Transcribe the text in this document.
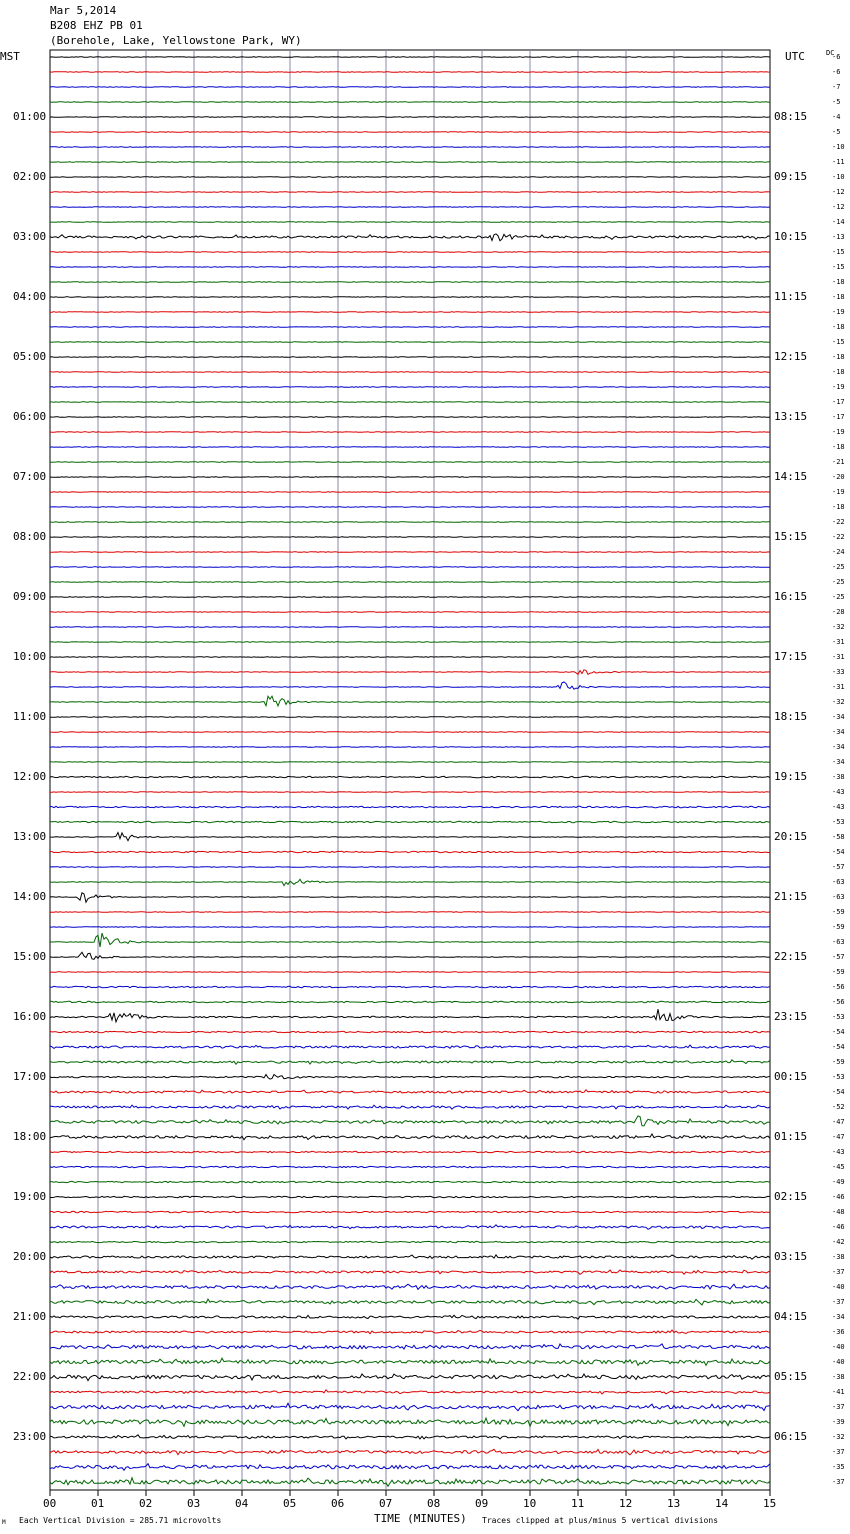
Mar 5,2014
B208 EHZ PB 01
(Borehole, Lake, Yellowstone Park, WY)
MST	UTC	DC
01:00
02:00
03:00
04:00
05:00
06:00
07:00
08:00
09:00
10:00
11:00
12:00
13:00
14:00
15:00
16:00
17:00
18:00
19:00
20:00
21:00
22:00
23:00
08:15
09:15
10:15
11:15
12:15
13:15
14:15
15:15
16:15
17:15
18:15
19:15
20:15
21:15
22:15
23:15
00:15
01:15
02:15
03:15
04:15
05:15
06:15
-6
-6
-7
-5
-4
-5
-10
-11
-10
-12
-12
-14
-13
-15
-15
-18
-18
-19
-18
-15
-18
-18
-19
-17
-17
-19
-18
-21
-20
-19
-18
-22
-22
-24
-25
-25
-25
-28
-32
-31
-31
-33
-31
-32
-34
-34
-34
-34
-38
-43
-43
-53
-58
-54
-57
-63
-63
-59
-59
-63
-57
-59
-56
-56
-53
-54
-54
-59
-53
-54
-52
-47
-47
-43
-45
-49
-46
-48
-46
-42
-38
-37
-40
-37
-34
-36
-40
-40
-38
-41
-37
-39
-32
-37
-35
-37
00	01	02	03	04	05	06	07	08	09	10	11	12	13	14	15
TIME (MINUTES)
Each Vertical Division = 285.71 microvolts	Traces clipped at plus/minus 5 vertical divisions
M
